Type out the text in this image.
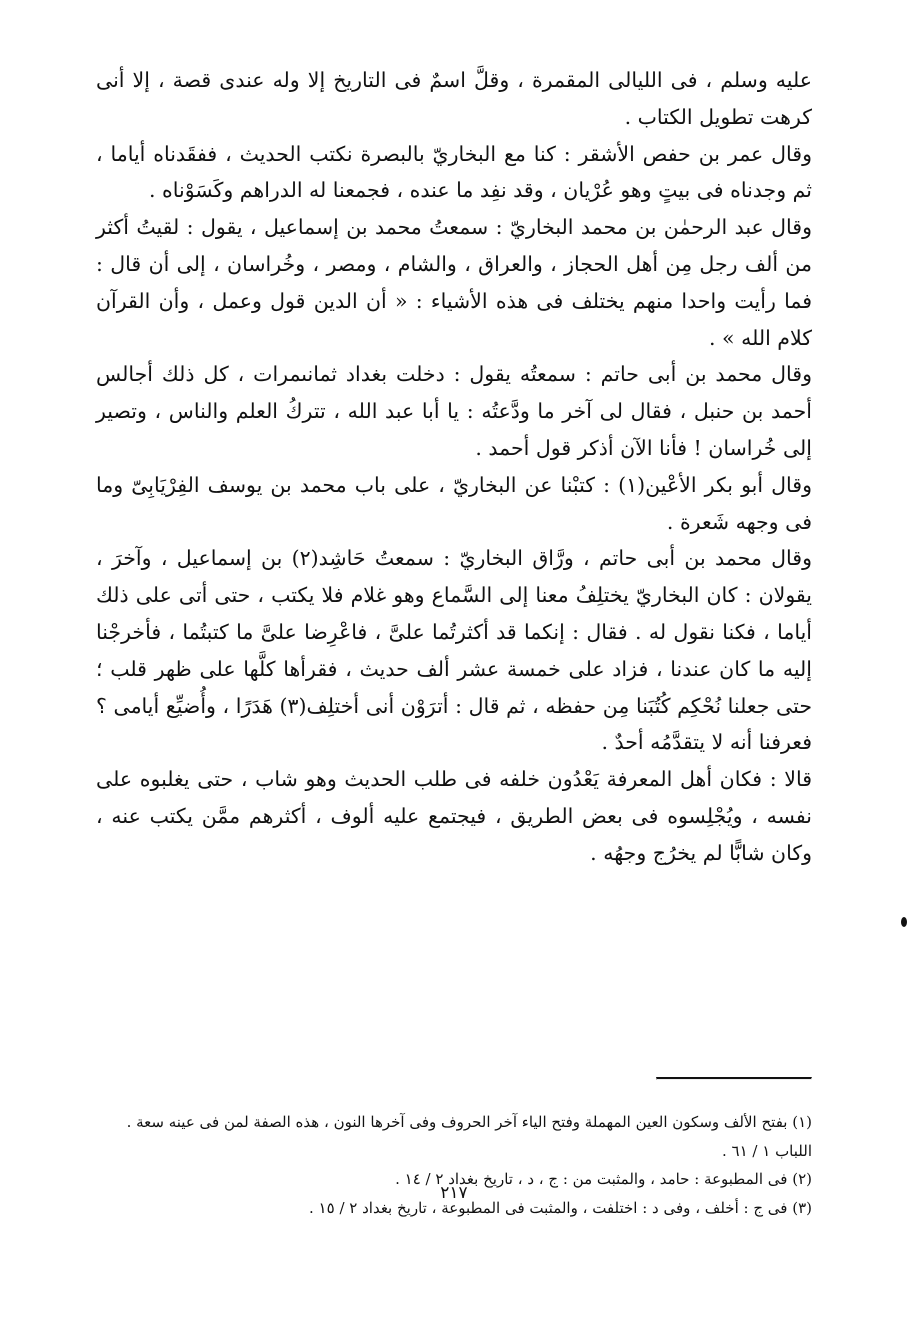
عليه وسلم ، فى الليالى المقمرة ، وقلَّ اسمٌ فى التاريخ إلا وله عندى قصة ، إلا أنى كرهت تطويل الكتاب .

وقال عمر بن حفص الأشقر : كنا مع البخاريّ بالبصرة نكتب الحديث ، ففقَدناه أياما ، ثم وجدناه فى بيتٍ وهو عُرْيان ، وقد نفِد ما عنده ، فجمعنا له الدراهم وكَسَوْناه .

وقال عبد الرحمٰن بن محمد البخاريّ : سمعتُ محمد بن إسماعيل ، يقول : لقيتُ أكثر من ألف رجل مِن أهل الحجاز ، والعراق ، والشام ، ومصر ، وخُراسان ، إلى أن قال : فما رأيت واحدا منهم يختلف فى هذه الأشياء : « أن الدين قول وعمل ، وأن القرآن كلام الله » .

وقال محمد بن أبى حاتم : سمعتُه يقول : دخلت بغداد ثمانىمرات ، كل ذلك أجالس أحمد بن حنبل ، فقال لى آخر ما ودَّعتُه : يا أبا عبد الله ، تتركُ العلم والناس ، وتصير إلى خُراسان ! فأنا الآن أذكر قول أحمد .

وقال أبو بكر الأعْين(١) : كتبْنا عن البخاريّ ، على باب محمد بن يوسف الفِرْيَابِىّ وما فى وجهه شَعرة .

وقال محمد بن أبى حاتم ، ورَّاق البخاريّ : سمعتُ حَاشِد(٢) بن إسماعيل ، وآخرَ ، يقولان : كان البخاريّ يختلِفُ معنا إلى السَّماع وهو غلام فلا يكتب ، حتى أتى على ذلك أياما ، فكنا نقول له . فقال : إنكما قد أكثرتُما علىَّ ، فاعْرِضا علىَّ ما كتبتُما ، فأخرجْنا إليه ما كان عندنا ، فزاد على خمسة عشر ألف حديث ، فقرأها كلَّها على ظهر قلب ؛ حتى جعلنا نُحْكِم كُتُبَنا مِن حفظه ، ثم قال : أترَوْن أنى أختلِف(٣) هَدَرًا ، وأُضيِّع أيامى ؟ فعرفنا أنه لا يتقدَّمُه أحدٌ .

قالا : فكان أهل المعرفة يَعْدُون خلفه فى طلب الحديث وهو شاب ، حتى يغلبوه على نفسه ، ويُجْلِسوه فى بعض الطريق ، فيجتمع عليه ألوف ، أكثرهم ممَّن يكتب عنه ، وكان شابًّا لم يخرُج وجهُه .

(١) بفتح الألف وسكون العين المهملة وفتح الياء آخر الحروف وفى آخرها النون ، هذه الصفة لمن فى عينه سعة . اللباب ١ / ٦١ .

(٢) فى المطبوعة : حامد ، والمثبت من : ج ، د ، تاريخ بغداد ٢ / ١٤ .

(٣) فى ج : أخلف ، وفى د : اختلفت ، والمثبت فى المطبوعة ، تاريخ بغداد ٢ / ١٥ .

٢١٧
